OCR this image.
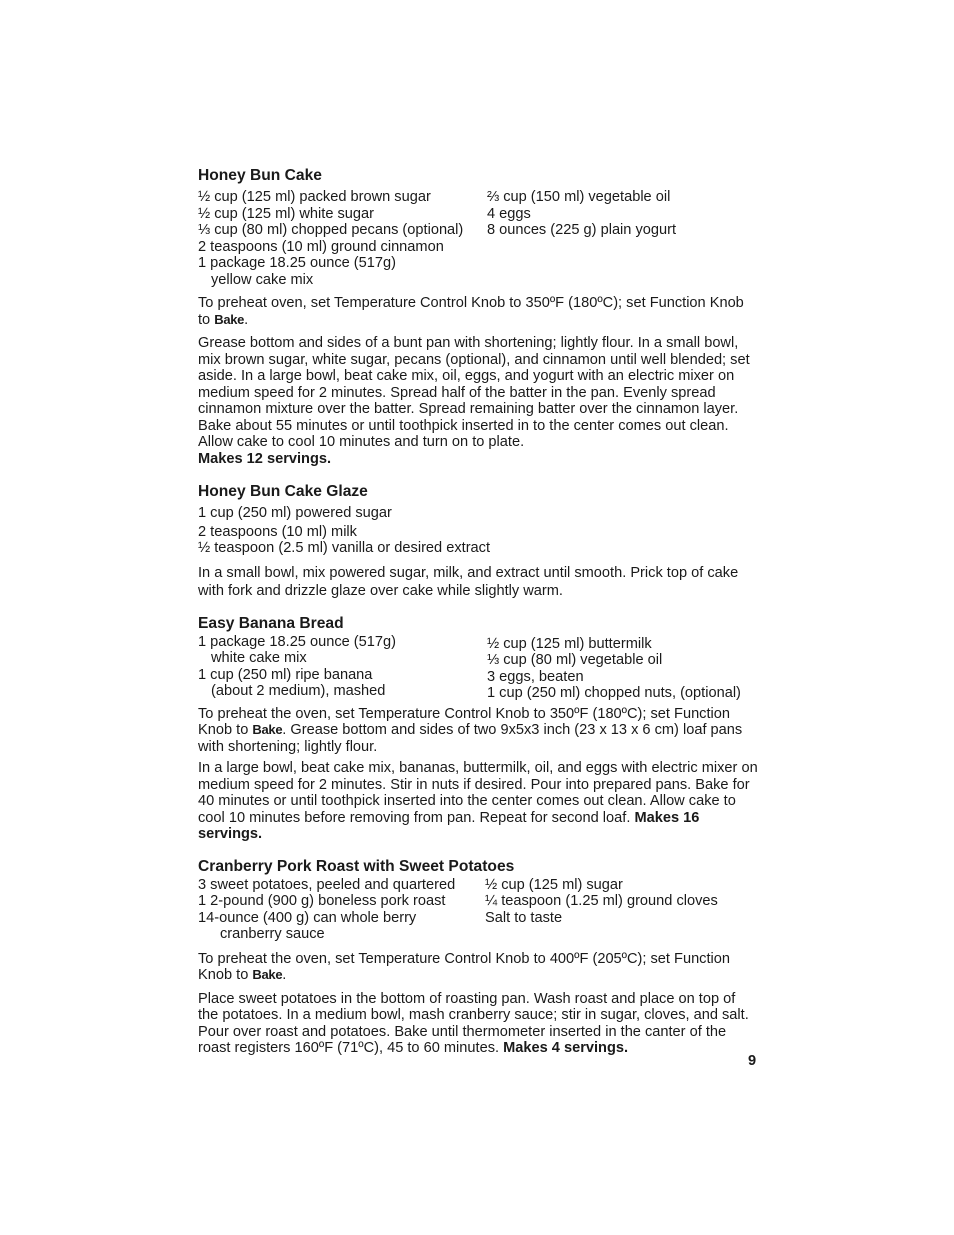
Honey Bun Cake
½ cup (125 ml) packed brown sugar
½ cup (125 ml) white sugar
⅓ cup (80 ml) chopped pecans (optional)
2 teaspoons (10 ml) ground cinnamon
1 package 18.25 ounce (517g)
yellow cake mix
⅔ cup (150 ml) vegetable oil
4 eggs
8 ounces (225 g) plain yogurt

To preheat oven, set Temperature Control Knob to 350ºF (180ºC); set Function Knob to Bake.

Grease bottom and sides of a bunt pan with shortening; lightly flour. In a small bowl, mix brown sugar, white sugar, pecans (optional), and cinnamon until well blended; set aside. In a large bowl, beat cake mix, oil, eggs, and yogurt with an electric mixer on medium speed for 2 minutes. Spread half of the batter in the pan. Evenly spread cinnamon mixture over the batter. Spread remaining batter over the cinnamon layer. Bake about 55 minutes or until toothpick inserted in to the center comes out clean. Allow cake to cool 10 minutes and turn on to plate.
Makes 12 servings.

Honey Bun Cake Glaze
1 cup (250 ml) powered sugar
2 teaspoons (10 ml) milk
½ teaspoon (2.5 ml) vanilla or desired extract

In a small bowl, mix powered sugar, milk, and extract until smooth. Prick top of cake with fork and drizzle glaze over cake while slightly warm.

Easy Banana Bread
1 package 18.25 ounce (517g)
white cake mix
1 cup (250 ml) ripe banana
(about 2 medium), mashed
½ cup (125 ml) buttermilk
⅓ cup (80 ml) vegetable oil
3 eggs, beaten
1 cup (250 ml) chopped nuts, (optional)

To preheat the oven, set Temperature Control Knob to 350ºF (180ºC); set Function Knob to Bake. Grease bottom and sides of two 9x5x3 inch (23 x 13 x 6 cm) loaf pans with shortening; lightly flour.

In a large bowl, beat cake mix, bananas, buttermilk, oil, and eggs with electric mixer on medium speed for 2 minutes. Stir in nuts if desired. Pour into prepared pans. Bake for 40 minutes or until toothpick inserted into the center comes out clean. Allow cake to cool 10 minutes before removing from pan. Repeat for second loaf. Makes 16 servings.

Cranberry Pork Roast with Sweet Potatoes
3 sweet potatoes, peeled and quartered
1 2-pound (900 g) boneless pork roast
14-ounce (400 g) can whole berry
cranberry sauce
½ cup (125 ml) sugar
¼ teaspoon (1.25 ml) ground cloves
Salt to taste

To preheat the oven, set Temperature Control Knob to 400ºF (205ºC); set Function Knob to Bake.

Place sweet potatoes in the bottom of roasting pan. Wash roast and place on top of the potatoes. In a medium bowl, mash cranberry sauce; stir in sugar, cloves, and salt. Pour over roast and potatoes. Bake until thermometer inserted in the canter of the roast registers 160ºF (71ºC), 45 to 60 minutes. Makes 4 servings.

9
